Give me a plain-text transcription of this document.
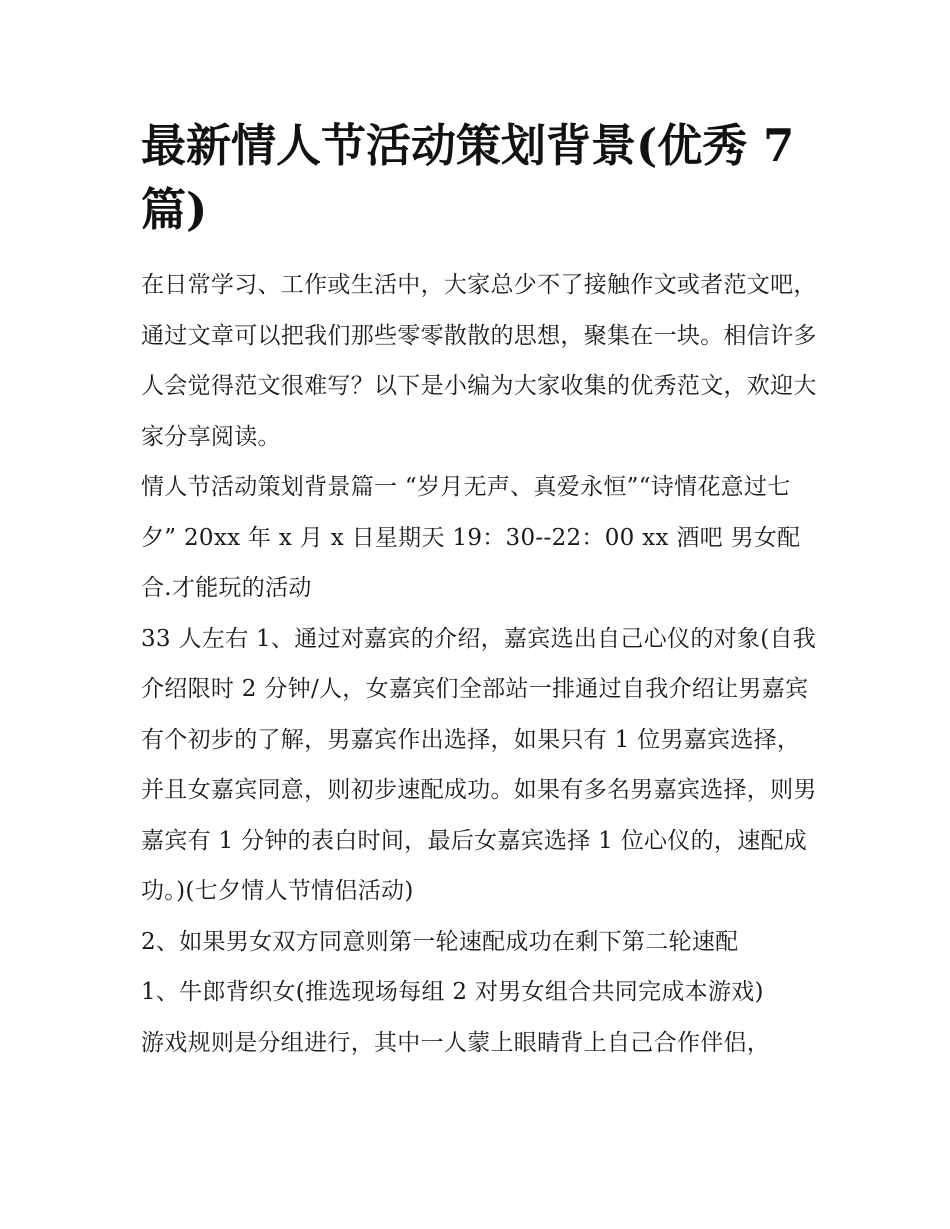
最新情人节活动策划背景(优秀 7 篇)

在日常学习、工作或生活中，大家总少不了接触作文或者范文吧，通过文章可以把我们那些零零散散的思想，聚集在一块。相信许多人会觉得范文很难写？以下是小编为大家收集的优秀范文，欢迎大家分享阅读。

情人节活动策划背景篇一 “岁月无声、真爱永恒”“诗情花意过七夕” 20xx 年 x 月 x 日星期天 19：30--22：00 xx 酒吧 男女配合.才能玩的活动

33 人左右 1、通过对嘉宾的介绍，嘉宾选出自己心仪的对象(自我介绍限时 2 分钟/人，女嘉宾们全部站一排通过自我介绍让男嘉宾有个初步的了解，男嘉宾作出选择，如果只有 1 位男嘉宾选择，并且女嘉宾同意，则初步速配成功。如果有多名男嘉宾选择，则男嘉宾有 1 分钟的表白时间，最后女嘉宾选择 1 位心仪的，速配成功。)(七夕情人节情侣活动)

2、如果男女双方同意则第一轮速配成功在剩下第二轮速配

1、牛郎背织女(推选现场每组 2 对男女组合共同完成本游戏)

游戏规则是分组进行，其中一人蒙上眼睛背上自己合作伴侣，
